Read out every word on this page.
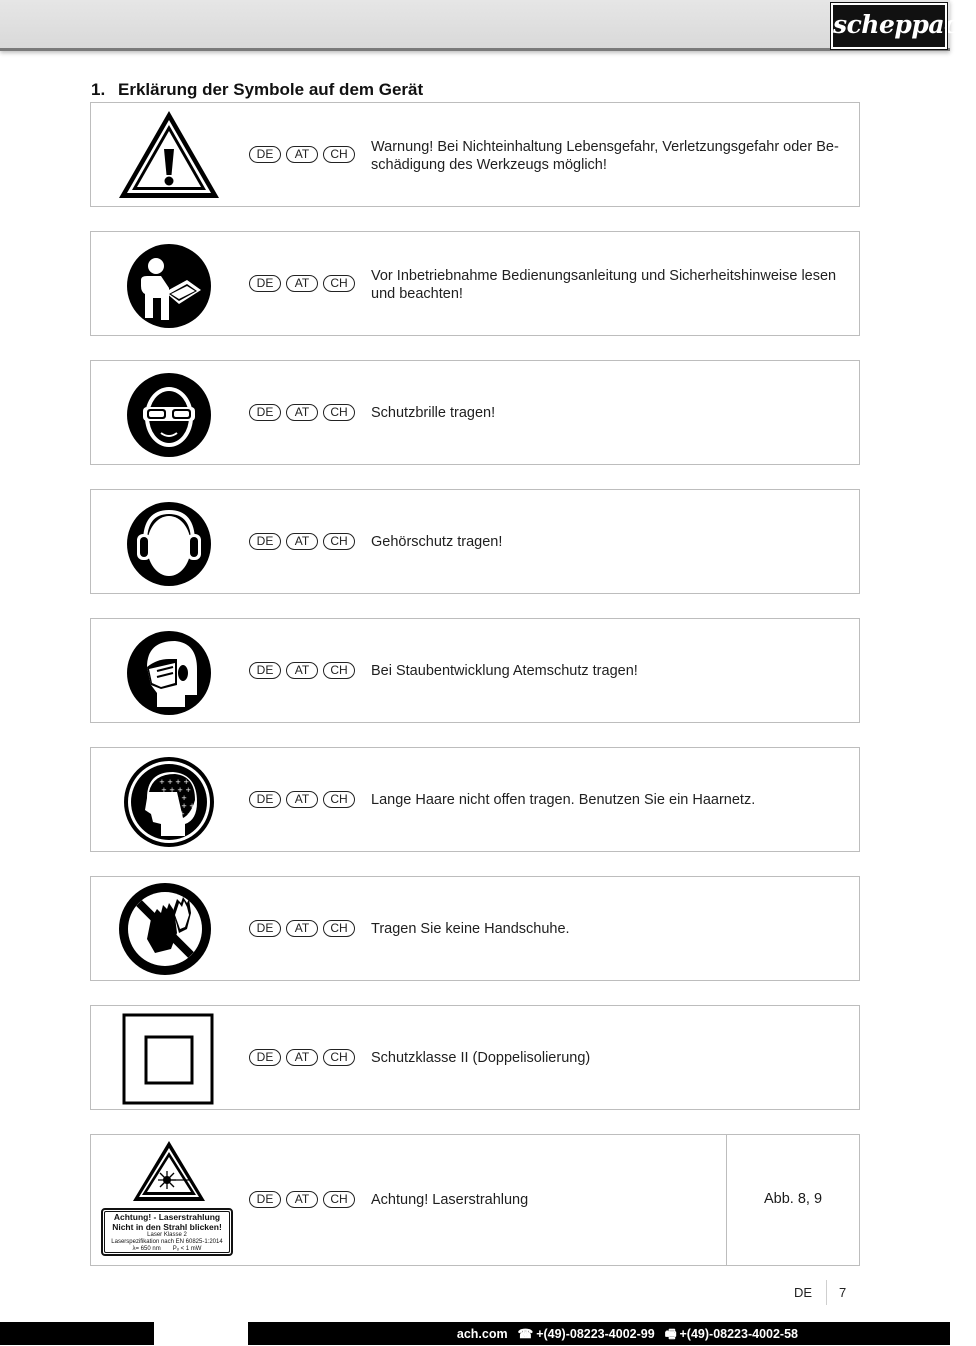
scheppach
1. Erklärung der Symbole auf dem Gerät
DE AT CH	Warnung! Bei Nichteinhaltung Lebensgefahr, Verletzungsgefahr oder Be-
schädigung des Werkzeugs möglich!
DE AT CH	Vor Inbetriebnahme Bedienungsanleitung und Sicherheitshinweise lesen
und beachten!
DE AT CH	Schutzbrille tragen!
DE AT CH	Gehörschutz tragen!
DE AT CH	Bei Staubentwicklung Atemschutz tragen!
+ + + +
+ + + +
+ + +
+ + +
+ +
DE AT CH	Lange Haare nicht offen tragen. Benutzen Sie ein Haarnetz.
DE AT CH	Tragen Sie keine Handschuhe.
DE AT CH	Schutzklasse II (Doppelisolierung)
Achtung! - Laserstrahlung
Nicht in den Strahl blicken!
Laser Klasse 2
Laserspezifikation nach EN 60825-1:2014
λ= 650 nm Pₒ < 1 mW
DE AT CH	Achtung! Laserstrahlung	Abb. 8, 9
DE 7
ach.com ☎ +(49)-08223-4002-99 🖷 +(49)-08223-4002-58
